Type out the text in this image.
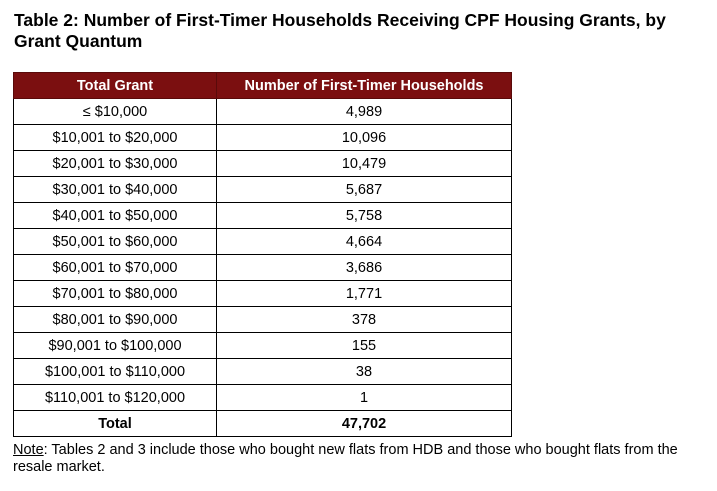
Table 2: Number of First-Timer Households Receiving CPF Housing Grants, by Grant Quantum
Total Grant	Number of First-Timer Households
≤ $10,000	4,989
$10,001 to $20,000	10,096
$20,001 to $30,000	10,479
$30,001 to $40,000	5,687
$40,001 to $50,000	5,758
$50,001 to $60,000	4,664
$60,001 to $70,000	3,686
$70,001 to $80,000	1,771
$80,001 to $90,000	378
$90,001 to $100,000	155
$100,001 to $110,000	38
$110,001 to $120,000	1
Total	47,702

Note: Tables 2 and 3 include those who bought new flats from HDB and those who bought flats from the resale market.
